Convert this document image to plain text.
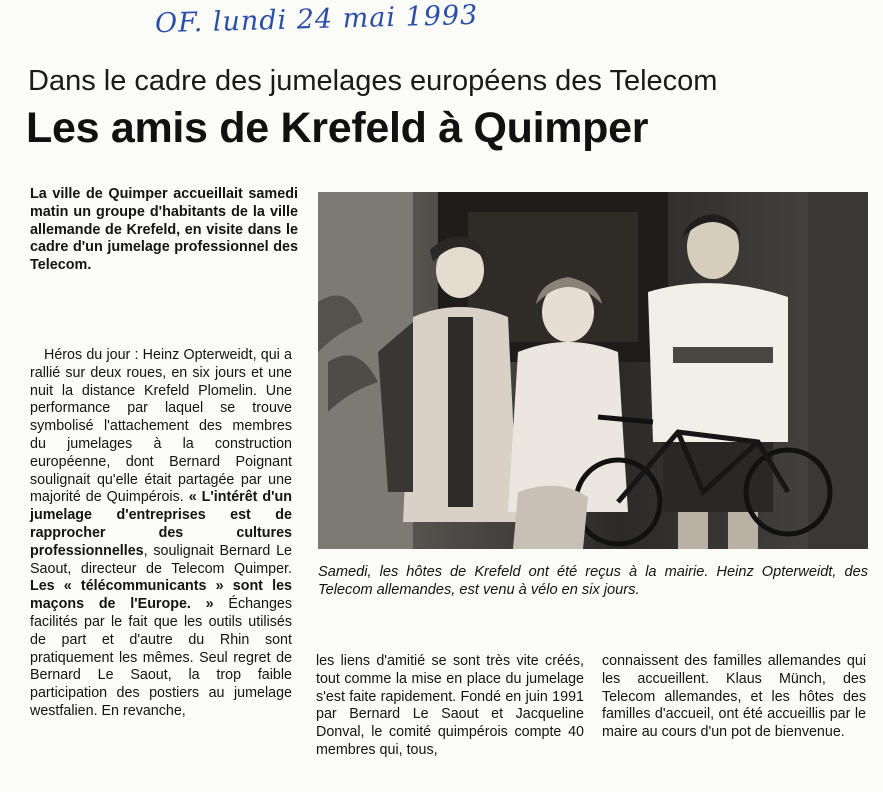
OF. lundi 24 mai 1993
Dans le cadre des jumelages européens des Telecom
Les amis de Krefeld à Quimper

La ville de Quimper accueillait samedi matin un groupe d'habitants de la ville allemande de Krefeld, en visite dans le cadre d'un jumelage professionnel des Telecom.

Héros du jour : Heinz Opterweidt, qui a rallié sur deux roues, en six jours et une nuit la distance Krefeld Plomelin. Une performance par laquel se trouve symbolisé l'attachement des membres du jumelages à la construction européenne, dont Bernard Poignant soulignait qu'elle était partagée par une majorité de Quimpérois. « L'intérêt d'un jumelage d'entreprises est de rapprocher des cultures professionnelles, soulignait Bernard Le Saout, directeur de Telecom Quimper. Les « télécommunicants » sont les maçons de l'Europe. » Échanges facilités par le fait que les outils utilisés de part et d'autre du Rhin sont pratiquement les mêmes. Seul regret de Bernard Le Saout, la trop faible participation des postiers au jumelage westfalien. En revanche,

Samedi, les hôtes de Krefeld ont été reçus à la mairie. Heinz Opterweidt, des Telecom allemandes, est venu à vélo en six jours.

les liens d'amitié se sont très vite créés, tout comme la mise en place du jumelage s'est faite rapidement. Fondé en juin 1991 par Bernard Le Saout et Jacqueline Donval, le comité quimpérois compte 40 membres qui, tous,

connaissent des familles allemandes qui les accueillent. Klaus Münch, des Telecom allemandes, et les hôtes des familles d'accueil, ont été accueillis par le maire au cours d'un pot de bienvenue.
